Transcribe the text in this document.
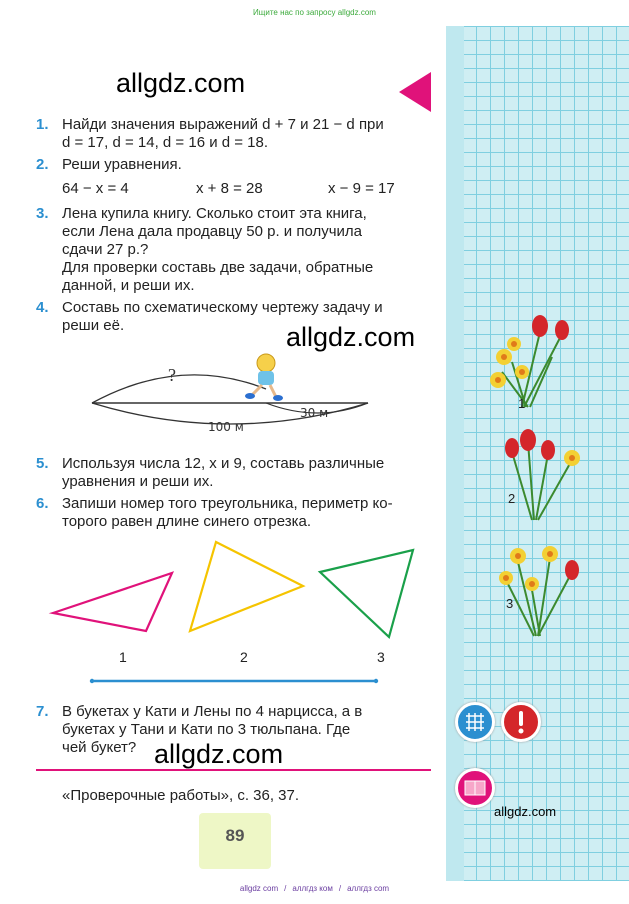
Ищите нас по запросу allgdz.com
allgdz.com
1. Найди значения выражений d + 7 и 21 − d при
d = 17, d = 14, d = 16 и d = 18.
2. Реши уравнения.
64 − x = 4	x + 8 = 28	x − 9 = 17
3. Лена купила книгу. Сколько стоит эта книга,
если Лена дала продавцу 50 р. и получила
сдачи 27 р.?
Для проверки составь две задачи, обратные
данной, и реши их.
4. Составь по схематическому чертежу задачу и
реши её.	allgdz.com
?
30 м
100 м
5. Используя числа 12, x и 9, составь различные
уравнения и реши их.
6. Запиши номер того треугольника, периметр ко-
торого равен длине синего отрезка.
1	2	3
7. В букетах у Кати и Лены по 4 нарцисса, а в
букетах у Тани и Кати по 3 тюльпана. Где
чей букет? allgdz.com
«Проверочные работы», с. 36, 37.
89
1
2
3
allgdz.com
allgdz com / аллгдз ком / аллгдз com
